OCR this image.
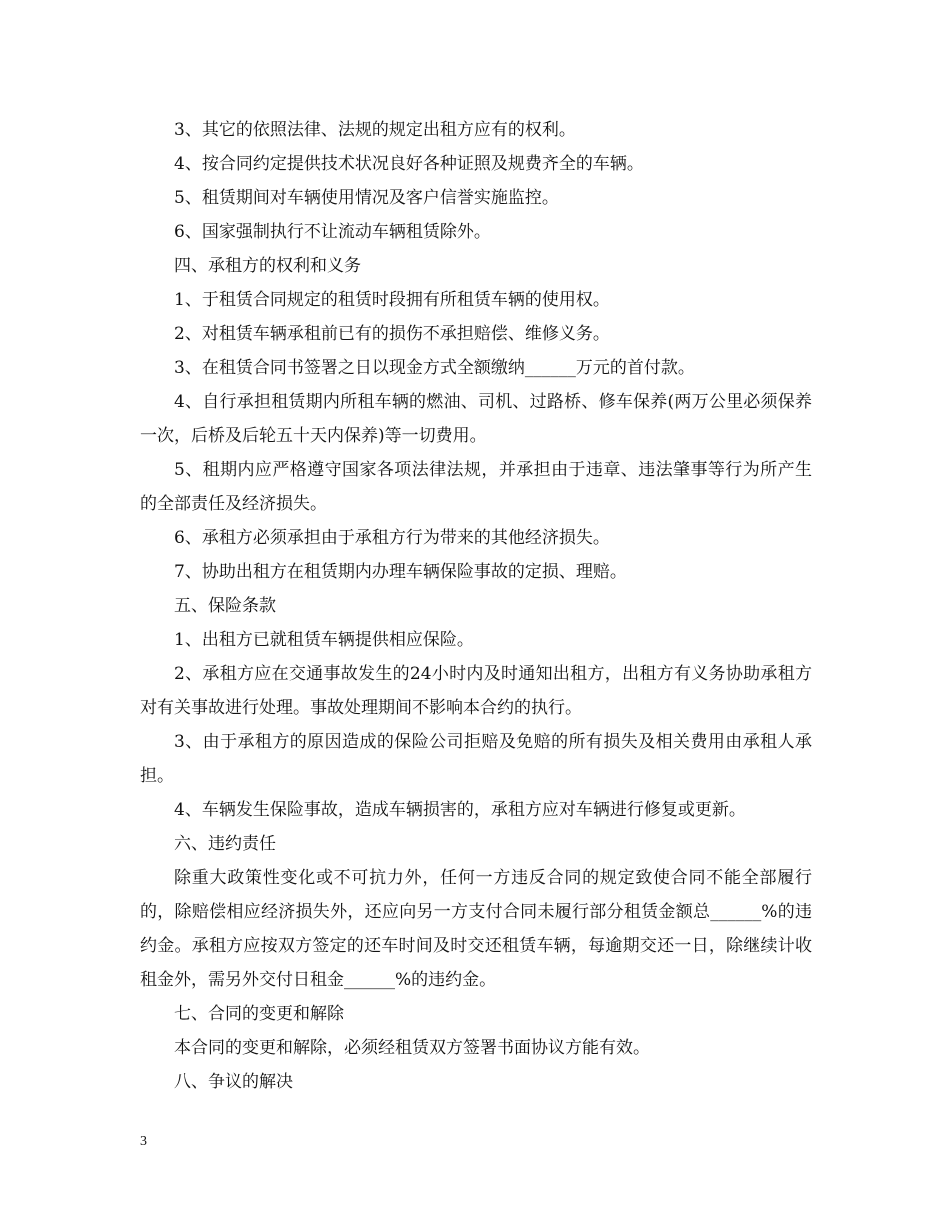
3、其它的依照法律、法规的规定出租方应有的权利。

4、按合同约定提供技术状况良好各种证照及规费齐全的车辆。

5、租赁期间对车辆使用情况及客户信誉实施监控。

6、国家强制执行不让流动车辆租赁除外。

四、承租方的权利和义务

1、于租赁合同规定的租赁时段拥有所租赁车辆的使用权。

2、对租赁车辆承租前已有的损伤不承担赔偿、维修义务。

3、在租赁合同书签署之日以现金方式全额缴纳______万元的首付款。

4、自行承担租赁期内所租车辆的燃油、司机、过路桥、修车保养(两万公里必须保养一次，后桥及后轮五十天内保养)等一切费用。

5、租期内应严格遵守国家各项法律法规，并承担由于违章、违法肇事等行为所产生的全部责任及经济损失。

6、承租方必须承担由于承租方行为带来的其他经济损失。

7、协助出租方在租赁期内办理车辆保险事故的定损、理赔。

五、保险条款

1、出租方已就租赁车辆提供相应保险。

2、承租方应在交通事故发生的24小时内及时通知出租方，出租方有义务协助承租方对有关事故进行处理。事故处理期间不影响本合约的执行。

3、由于承租方的原因造成的保险公司拒赔及免赔的所有损失及相关费用由承租人承担。

4、车辆发生保险事故，造成车辆损害的，承租方应对车辆进行修复或更新。

六、违约责任

除重大政策性变化或不可抗力外，任何一方违反合同的规定致使合同不能全部履行的，除赔偿相应经济损失外，还应向另一方支付合同未履行部分租赁金额总______%的违约金。承租方应按双方签定的还车时间及时交还租赁车辆，每逾期交还一日，除继续计收租金外，需另外交付日租金______%的违约金。

七、合同的变更和解除

本合同的变更和解除，必须经租赁双方签署书面协议方能有效。

八、争议的解决

3
